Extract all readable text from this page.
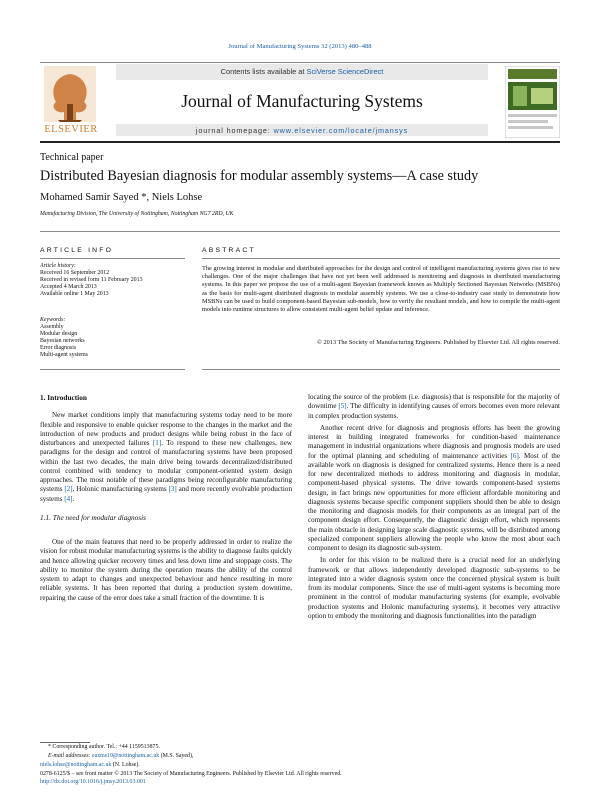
Journal of Manufacturing Systems 32 (2013) 480–488
ELSEVIER
Contents lists available at SciVerse ScienceDirect
Journal of Manufacturing Systems
journal homepage: www.elsevier.com/locate/jmansys
Technical paper
Distributed Bayesian diagnosis for modular assembly systems—A case study
Mohamed Samir Sayed *, Niels Lohse
Manufacturing Division, The University of Nottingham, Nottingham NG7 2RD, UK
ARTICLE INFO
Article history:
Received 16 September 2012
Received in revised form 11 February 2013
Accepted 4 March 2013
Available online 1 May 2013
Keywords:
Assembly
Modular design
Bayesian networks
Error diagnosis
Multi-agent systems
ABSTRACT
The growing interest in modular and distributed approaches for the design and control of intelligent manufacturing systems gives rise to new challenges. One of the major challenges that have not yet been well addressed is monitoring and diagnosis in distributed manufacturing systems. In this paper we propose the use of a multi-agent Bayesian framework known as Multiply Sectioned Bayesian Networks (MSBNs) as the basis for multi-agent distributed diagnosis in modular assembly systems. We use a close-to-industry case study to demonstrate how MSBNs can be used to build component-based Bayesian sub-models, how to verify the resultant models, and how to compile the multi-agent models into runtime structures to allow consistent multi-agent belief update and inference.
© 2013 The Society of Manufacturing Engineers. Published by Elsevier Ltd. All rights reserved.
1. Introduction
New market conditions imply that manufacturing systems today need to be more flexible and responsive to enable quicker response to the changes in the market and the introduction of new products and product designs while being robust in the face of disturbances and unexpected failures [1]. To respond to these new challenges, new paradigms for the design and control of manufacturing systems have been proposed within the last two decades, the main drive being towards decentralized/distributed control combined with tendency to modular component-oriented system design approaches. The most notable of these paradigms being reconfigurable manufacturing systems [2], Holonic manufacturing systems [3] and more recently evolvable production systems [4].
1.1. The need for modular diagnosis
One of the main features that need to be properly addressed in order to realize the vision for robust modular manufacturing systems is the ability to diagnose faults quickly and hence allowing quicker recovery times and less down time and stoppage costs. The ability to monitor the system during the operation means the ability of the control system to adapt to changes and unexpected behaviour and hence resulting in more reliable systems. It has been reported that during a production system downtime, repairing the cause of the error does take a small fraction of the downtime. It is
locating the source of the problem (i.e. diagnosis) that is responsible for the majority of downtime [5]. The difficulty in identifying causes of errors becomes even more relevant in complex production systems.
Another recent drive for diagnosis and prognosis efforts has been the growing interest in building integrated frameworks for condition-based maintenance management in industrial organizations where diagnosis and prognosis models are used for the optimal planning and scheduling of maintenance activities [6]. Most of the available work on diagnosis is designed for centralized systems. Hence there is a need for new decentralized methods to address monitoring and diagnosis in modular, component-based physical systems. The drive towards component-based systems design, in fact brings new opportunities for more efficient affordable monitoring and diagnosis systems because specific component suppliers should then be able to design the monitoring and diagnosis models for their components as an integral part of the component design effort. Consequently, the diagnostic design effort, which represents the main obstacle in designing large scale diagnostic systems, will be distributed among specialized component suppliers allowing the people who know the most about each component to design its diagnostic sub-system.
In order for this vision to be realized there is a crucial need for an underlying framework or that allows independently developed diagnostic sub-systems to be integrated into a wider diagnosis system once the concerned physical system is built from its modular components. Since the use of multi-agent systems is becoming more prominent in the control of modular manufacturing systems (for example, evolvable production systems and Holonic manufacturing systems), it becomes very attractive option to embody the monitoring and diagnosis functionalities into the paradigm
* Corresponding author. Tel.: +44 1159513875.
E-mail addresses: eaxms19@nottingham.ac.uk (M.S. Sayed),
niels.lohse@nottingham.ac.uk (N. Lohse).
0278-6125/$ – see front matter © 2013 The Society of Manufacturing Engineers. Published by Elsevier Ltd. All rights reserved.
http://dx.doi.org/10.1016/j.jmsy.2013.03.001
